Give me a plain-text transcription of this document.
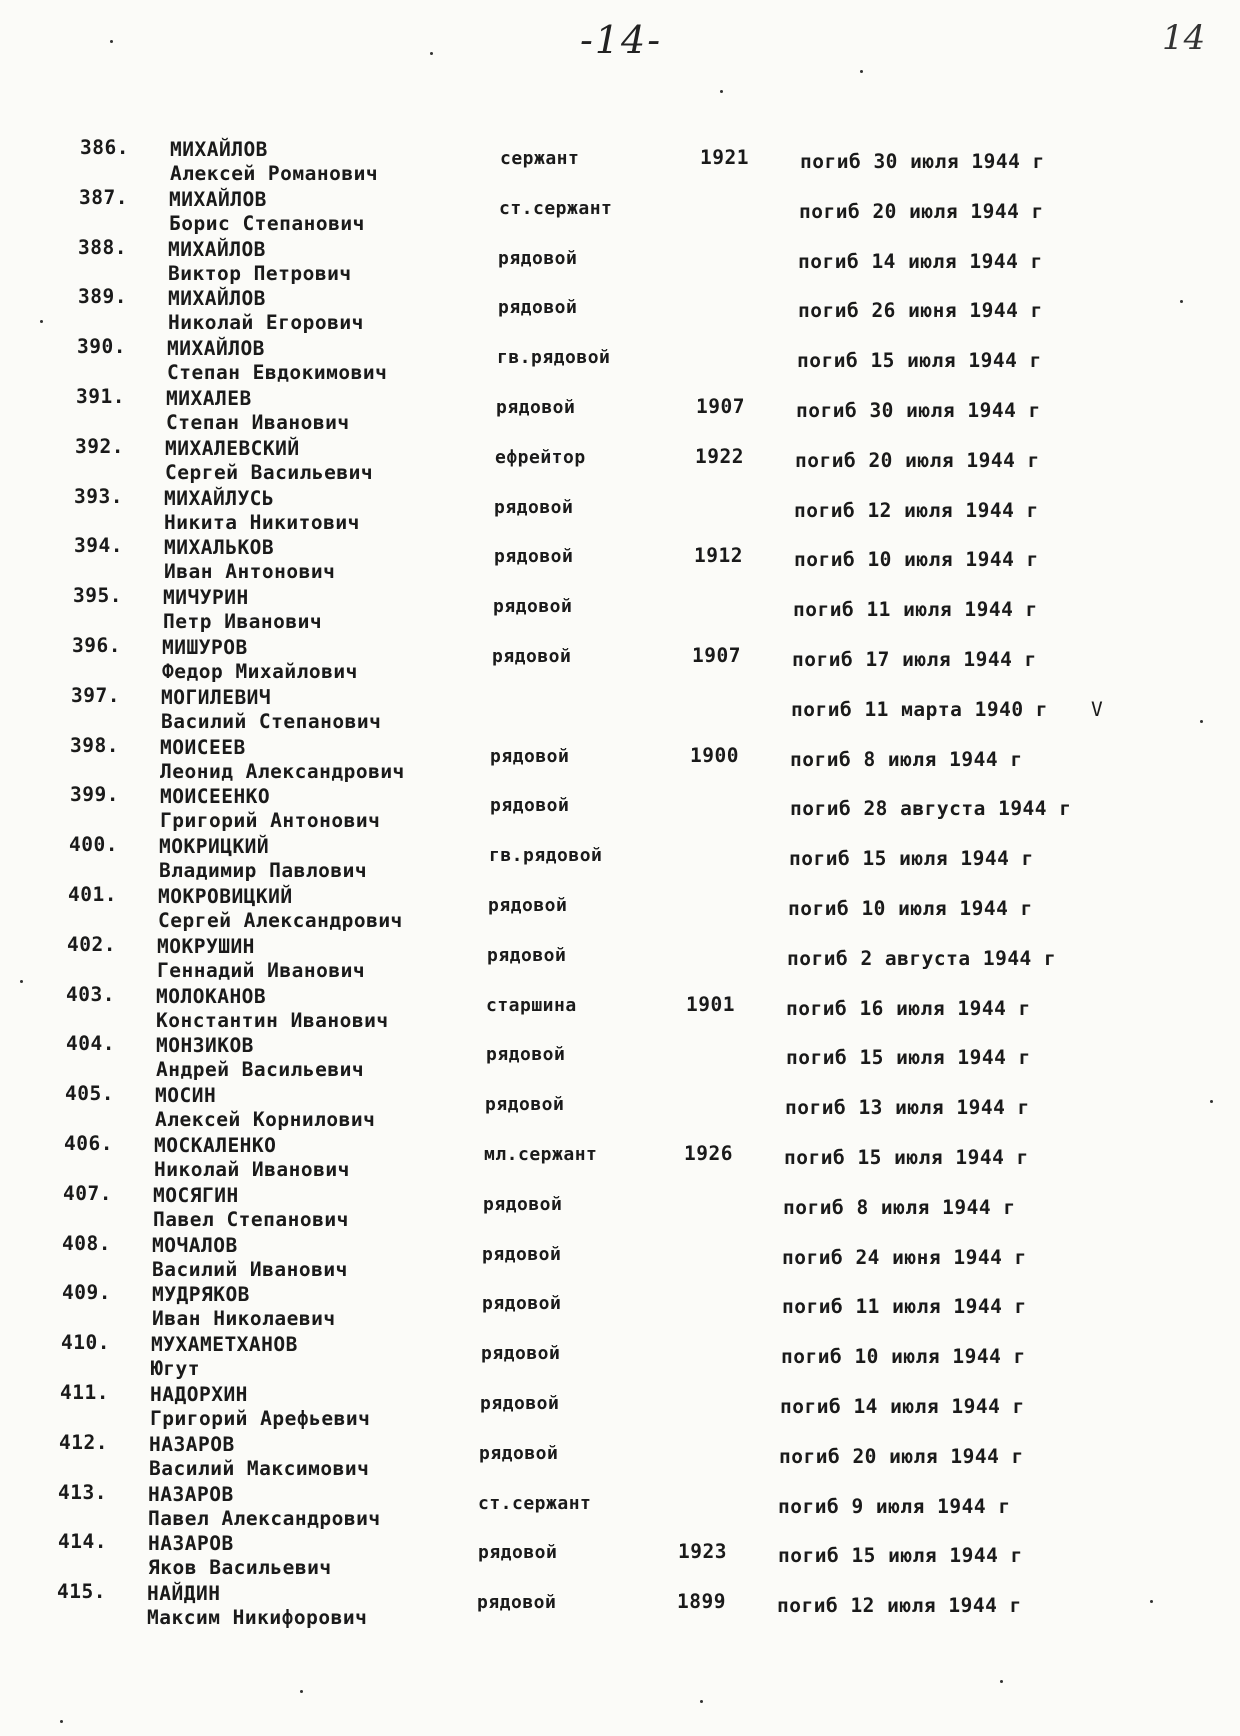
-14-	14
386. МИХАЙЛОВ
Алексей Романович
сержант	1921	погиб 30 июля 1944 г
387. МИХАЙЛОВ
Борис Степанович
ст.сержант	погиб 20 июля 1944 г
388. МИХАЙЛОВ
Виктор Петрович
рядовой	погиб 14 июля 1944 г
389. МИХАЙЛОВ
Николай Егорович
рядовой	погиб 26 июня 1944 г
390. МИХАЙЛОВ
Степан Евдокимович
гв.рядовой	погиб 15 июля 1944 г
391. МИХАЛЕВ
Степан Иванович
рядовой	1907	погиб 30 июля 1944 г
392. МИХАЛЕВСКИЙ
Сергей Васильевич
ефрейтор	1922	погиб 20 июля 1944 г
393. МИХАЙЛУСЬ
Никита Никитович
рядовой	погиб 12 июля 1944 г
394. МИХАЛЬКОВ
Иван Антонович
рядовой	1912	погиб 10 июля 1944 г
395. МИЧУРИН
Петр Иванович
рядовой	погиб 11 июля 1944 г
396. МИШУРОВ
Федор Михайлович
рядовой	1907	погиб 17 июля 1944 г
397. МОГИЛЕВИЧ
Василий Степанович
погиб 11 марта 1940 г V
398. МОИСЕЕВ
Леонид Александрович
рядовой	1900	погиб 8 июля 1944 г
399. МОИСЕЕНКО
Григорий Антонович
рядовой	погиб 28 августа 1944 г
400. МОКРИЦКИЙ
Владимир Павлович
гв.рядовой	погиб 15 июля 1944 г
401. МОКРОВИЦКИЙ
Сергей Александрович
рядовой	погиб 10 июля 1944 г
402. МОКРУШИН
Геннадий Иванович
рядовой	погиб 2 августа 1944 г
403. МОЛОКАНОВ
Константин Иванович
старшина	1901	погиб 16 июля 1944 г
404. МОНЗИКОВ
Андрей Васильевич
рядовой	погиб 15 июля 1944 г
405. МОСИН
Алексей Корнилович
рядовой	погиб 13 июля 1944 г
406. МОСКАЛЕНКО
Николай Иванович
мл.сержант	1926	погиб 15 июля 1944 г
407. МОСЯГИН
Павел Степанович
рядовой	погиб 8 июля 1944 г
408. МОЧАЛОВ
Василий Иванович
рядовой	погиб 24 июня 1944 г
409. МУДРЯКОВ
Иван Николаевич
рядовой	погиб 11 июля 1944 г
410. МУХАМЕТХАНОВ
Югут
рядовой	погиб 10 июля 1944 г
411. НАДОРХИН
Григорий Арефьевич
рядовой	погиб 14 июля 1944 г
412. НАЗАРОВ
Василий Максимович
рядовой	погиб 20 июля 1944 г
413. НАЗАРОВ
Павел Александрович
ст.сержант	погиб 9 июля 1944 г
414. НАЗАРОВ
Яков Васильевич
рядовой	1923	погиб 15 июля 1944 г
415. НАЙДИН
Максим Никифорович
рядовой	1899	погиб 12 июля 1944 г
